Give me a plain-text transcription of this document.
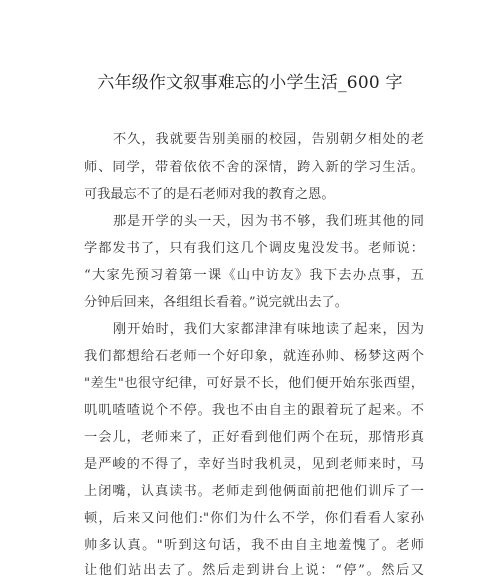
六年级作文叙事难忘的小学生活_600 字
不久，我就要告别美丽的校园，告别朝夕相处的老
师、同学，带着依依不舍的深情，跨入新的学习生活。
可我最忘不了的是石老师对我的教育之恩。
那是开学的头一天，因为书不够，我们班其他的同
学都发书了，只有我们这几个调皮鬼没发书。老师说：
“大家先预习着第一课《山中访友》我下去办点事，五
分钟后回来，各组组长看着。”说完就出去了。
刚开始时，我们大家都津津有味地读了起来，因为
我们都想给石老师一个好印象，就连孙帅、杨梦这两个
"差生"也很守纪律，可好景不长，他们便开始东张西望，
叽叽喳喳说个不停。我也不由自主的跟着玩了起来。不
一会儿，老师来了，正好看到他们两个在玩，那情形真
是严峻的不得了，幸好当时我机灵，见到老师来时，马
上闭嘴，认真读书。老师走到他俩面前把他们训斥了一
顿，后来又问他们:"你们为什么不学，你们看看人家孙
帅多认真。"听到这句话，我不由自主地羞愧了。老师
让他们站出去了。然后走到讲台上说：“停”。然后又
